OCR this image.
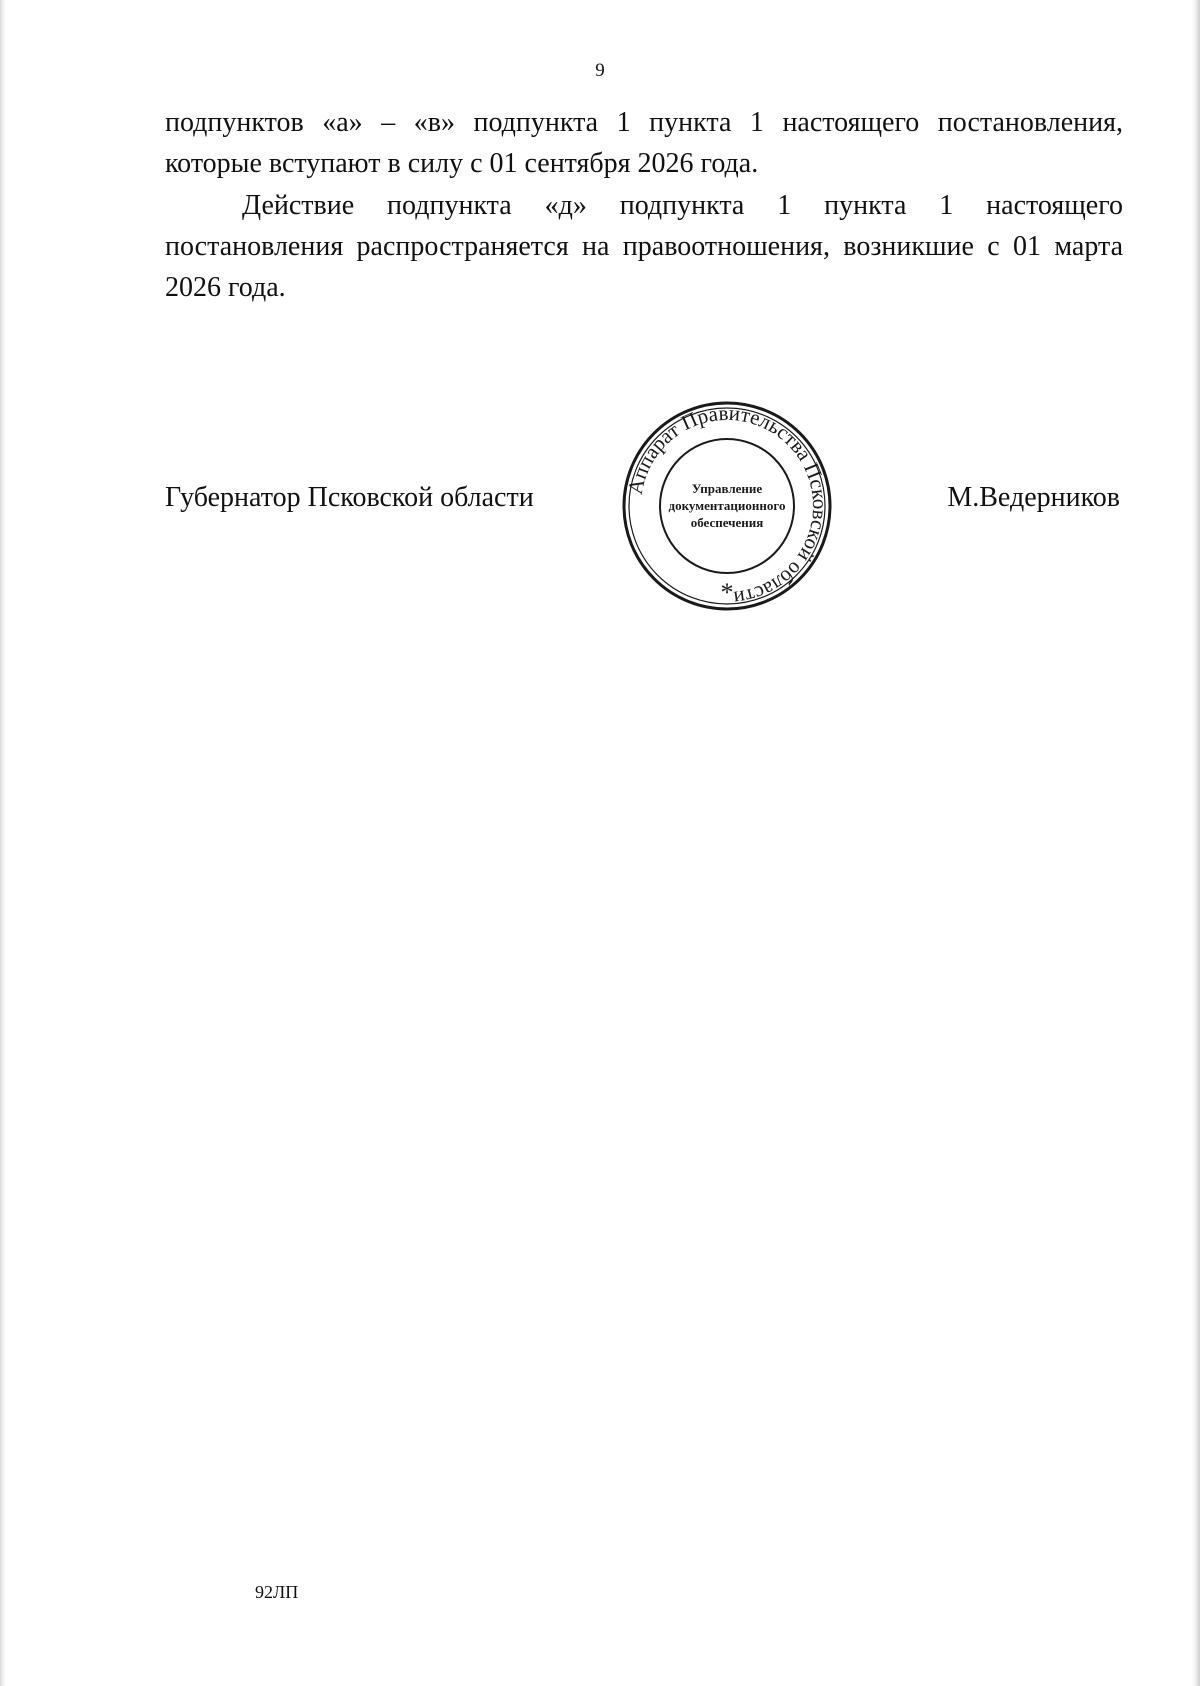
9

подпунктов «а» – «в» подпункта 1 пункта 1 настоящего постановления,

которые вступают в силу с 01 сентября 2026 года.

Действие подпункта «д» подпункта 1 пункта 1 настоящего постановления распространяется на правоотношения, возникшие с 01 марта 2026 года.

Губернатор Псковской области	Аппарат Правительства Псковской области
Управление
документационного
обеспечения
*
М.Ведерников
92ЛП
